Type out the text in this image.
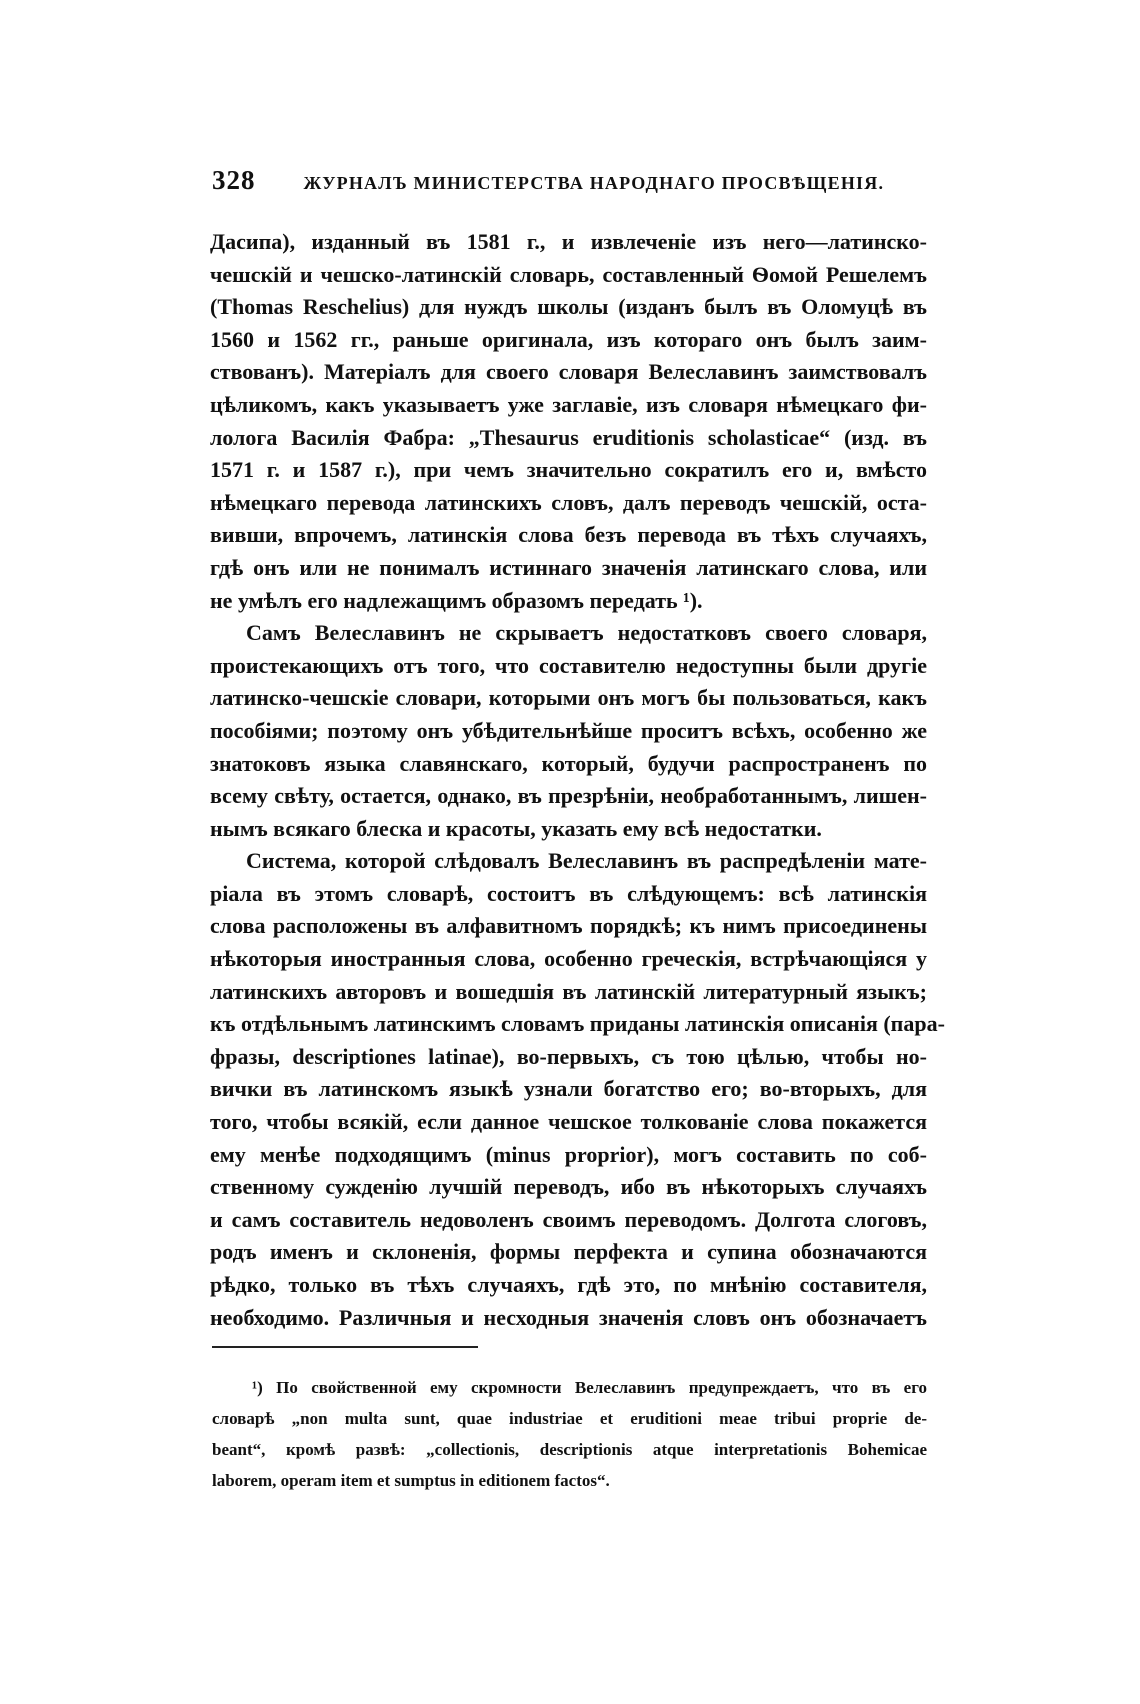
328	ЖУРНАЛЪ МИНИСТЕРСТВА НАРОДНАГО ПРОСВѢЩЕНІЯ.
Дасипа), изданный въ 1581 г., и извлеченіе изъ него—латинско-
чешскій и чешско-латинскій словарь, составленный Ѳомой Решелемъ
(Thomas Reschelius) для нуждъ школы (изданъ былъ въ Оломуцѣ въ
1560 и 1562 гг., раньше оригинала, изъ котораго онъ былъ заим-
ствованъ). Матеріалъ для своего словаря Велеславинъ заимствовалъ
цѣликомъ, какъ указываетъ уже заглавіе, изъ словаря нѣмецкаго фи-
лолога Василія Фабра: „Thesaurus eruditionis scholasticae“ (изд. въ
1571 г. и 1587 г.), при чемъ значительно сократилъ его и, вмѣсто
нѣмецкаго перевода латинскихъ словъ, далъ переводъ чешскій, оста-
вивши, впрочемъ, латинскія слова безъ перевода въ тѣхъ случаяхъ,
гдѣ онъ или не понималъ истиннаго значенія латинскаго слова, или
не умѣлъ его надлежащимъ образомъ передать ¹).
Самъ Велеславинъ не скрываетъ недостатковъ своего словаря,
проистекающихъ отъ того, что составителю недоступны были другіе
латинско-чешскіе словари, которыми онъ могъ бы пользоваться, какъ
пособіями; поэтому онъ убѣдительнѣйше проситъ всѣхъ, особенно же
знатоковъ языка славянскаго, который, будучи распространенъ по
всему свѣту, остается, однако, въ презрѣніи, необработаннымъ, лишен-
нымъ всякаго блеска и красоты, указать ему всѣ недостатки.
Система, которой слѣдовалъ Велеславинъ въ распредѣленіи мате-
ріала въ этомъ словарѣ, состоитъ въ слѣдующемъ: всѣ латинскія
слова расположены въ алфавитномъ порядкѣ; къ нимъ присоединены
нѣкоторыя иностранныя слова, особенно греческія, встрѣчающіяся у
латинскихъ авторовъ и вошедшія въ латинскій литературный языкъ;
къ отдѣльнымъ латинскимъ словамъ приданы латинскія описанія (пара-
фразы, descriptiones latinae), во-первыхъ, съ тою цѣлью, чтобы но-
вички въ латинскомъ языкѣ узнали богатство его; во-вторыхъ, для
того, чтобы всякій, если данное чешское толкованіе слова покажется
ему менѣе подходящимъ (minus proprior), могъ составить по соб-
ственному сужденію лучшій переводъ, ибо въ нѣкоторыхъ случаяхъ
и самъ составитель недоволенъ своимъ переводомъ. Долгота слоговъ,
родъ именъ и склоненія, формы перфекта и супина обозначаются
рѣдко, только въ тѣхъ случаяхъ, гдѣ это, по мнѣнію составителя,
необходимо. Различныя и несходныя значенія словъ онъ обозначаетъ
¹) По свойственной ему скромности Велеславинъ предупреждаетъ, что въ его
словарѣ „non multa sunt, quae industriae et eruditioni meae tribui proprie de-
beant“, кромѣ развѣ: „collectionis, descriptionis atque interpretationis Bohemicae
laborem, operam item et sumptus in editionem factos“.
